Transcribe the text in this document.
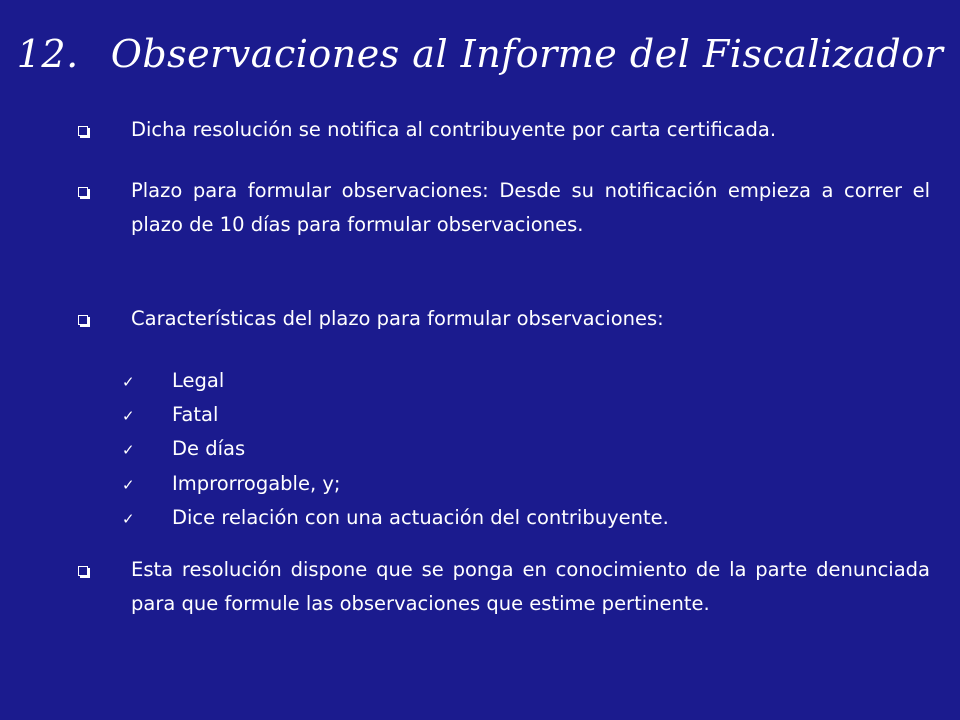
12. Observaciones al Informe del Fiscalizador
Dicha resolución se notifica al contribuyente por carta certificada.
Plazo para formular observaciones: Desde su notificación empieza a correr el plazo de 10 días para formular observaciones.
Características del plazo para formular observaciones:
✓ Legal
✓ Fatal
✓ De días
✓ Improrrogable, y;
✓ Dice relación con una actuación del contribuyente.
Esta resolución dispone que se ponga en conocimiento de la parte denunciada para que formule las observaciones que estime pertinente.
